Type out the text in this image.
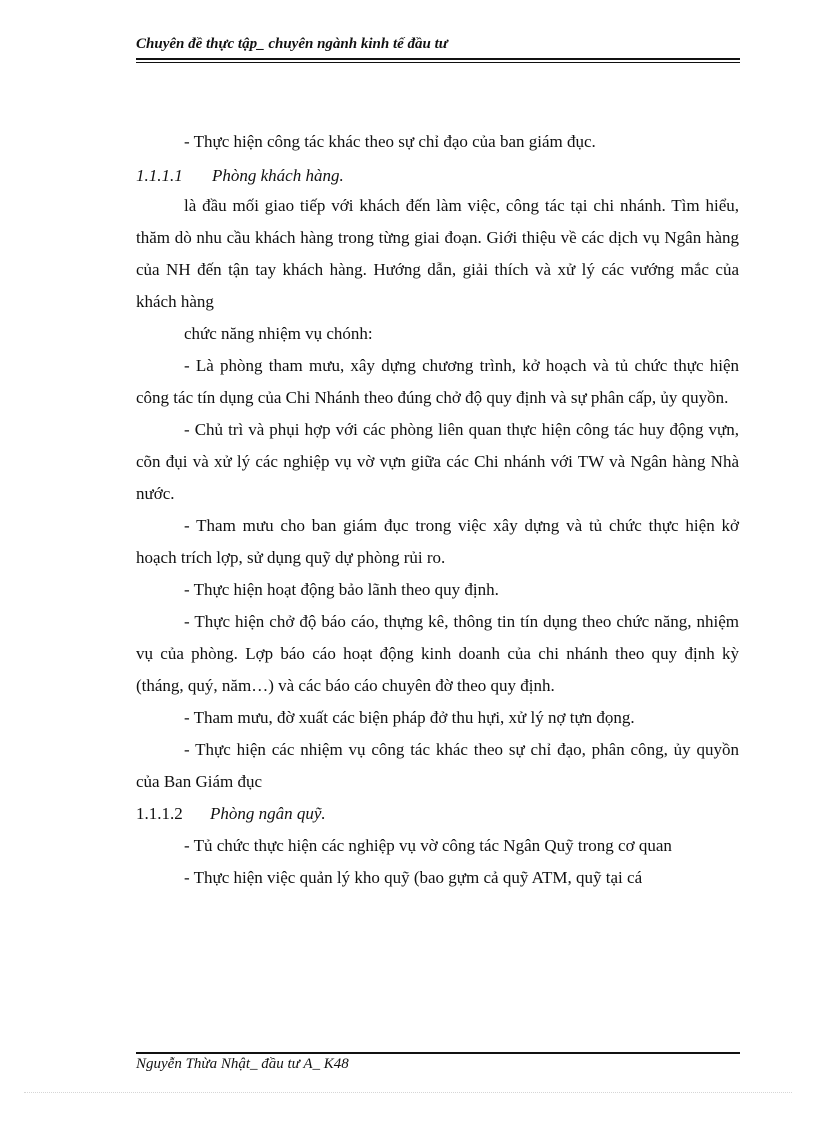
Chuyên đề thực tập_ chuyên ngành kinh tế đầu tư

- Thực hiện công tác khác theo sự chỉ đạo của ban giám đục.

1.1.1.1 Phòng khách hàng.

là đầu mối giao tiếp với khách đến làm việc, công tác tại chi nhánh. Tìm hiểu, thăm dò nhu cầu khách hàng trong từng giai đoạn. Giới thiệu về các dịch vụ Ngân hàng của NH đến tận tay khách hàng. Hướng dẫn, giải thích và xử lý các vướng mắc của khách hàng

chức năng nhiệm vụ chónh:

- Là phòng tham mưu, xây dựng chương trình, kở hoạch và tủ chức thực hiện công tác tín dụng của Chi Nhánh theo đúng chở độ quy định và sự phân cấp, ủy quyồn.

- Chủ trì và phụi hợp với các phòng liên quan thực hiện công tác huy động vựn, cõn đụi và xử lý các nghiệp vụ vờ vựn giữa các Chi nhánh với TW và Ngân hàng Nhà nước.

- Tham mưu cho ban giám đục trong việc xây dựng và tủ chức thực hiện kở hoạch trích lợp, sử dụng quỹ dự phòng rủi ro.

- Thực hiện hoạt động bảo lãnh theo quy định.

- Thực hiện chở độ báo cáo, thựng kê, thông tin tín dụng theo chức năng, nhiệm vụ của phòng. Lợp báo cáo hoạt động kinh doanh của chi nhánh theo quy định kỳ (tháng, quý, năm…) và các báo cáo chuyên đờ theo quy định.

- Tham mưu, đờ xuất các biện pháp đở thu hựi, xử lý nợ tựn đọng.

- Thực hiện các nhiệm vụ công tác khác theo sự chỉ đạo, phân công, ủy quyồn của Ban Giám đục

1.1.1.2 Phòng ngân quỹ.

- Tủ chức thực hiện các nghiệp vụ vờ công tác Ngân Quỹ trong cơ quan

- Thực hiện việc quản lý kho quỹ (bao gựm cả quỹ ATM, quỹ tại cá

Nguyễn Thừa Nhật_ đầu tư A_ K48
